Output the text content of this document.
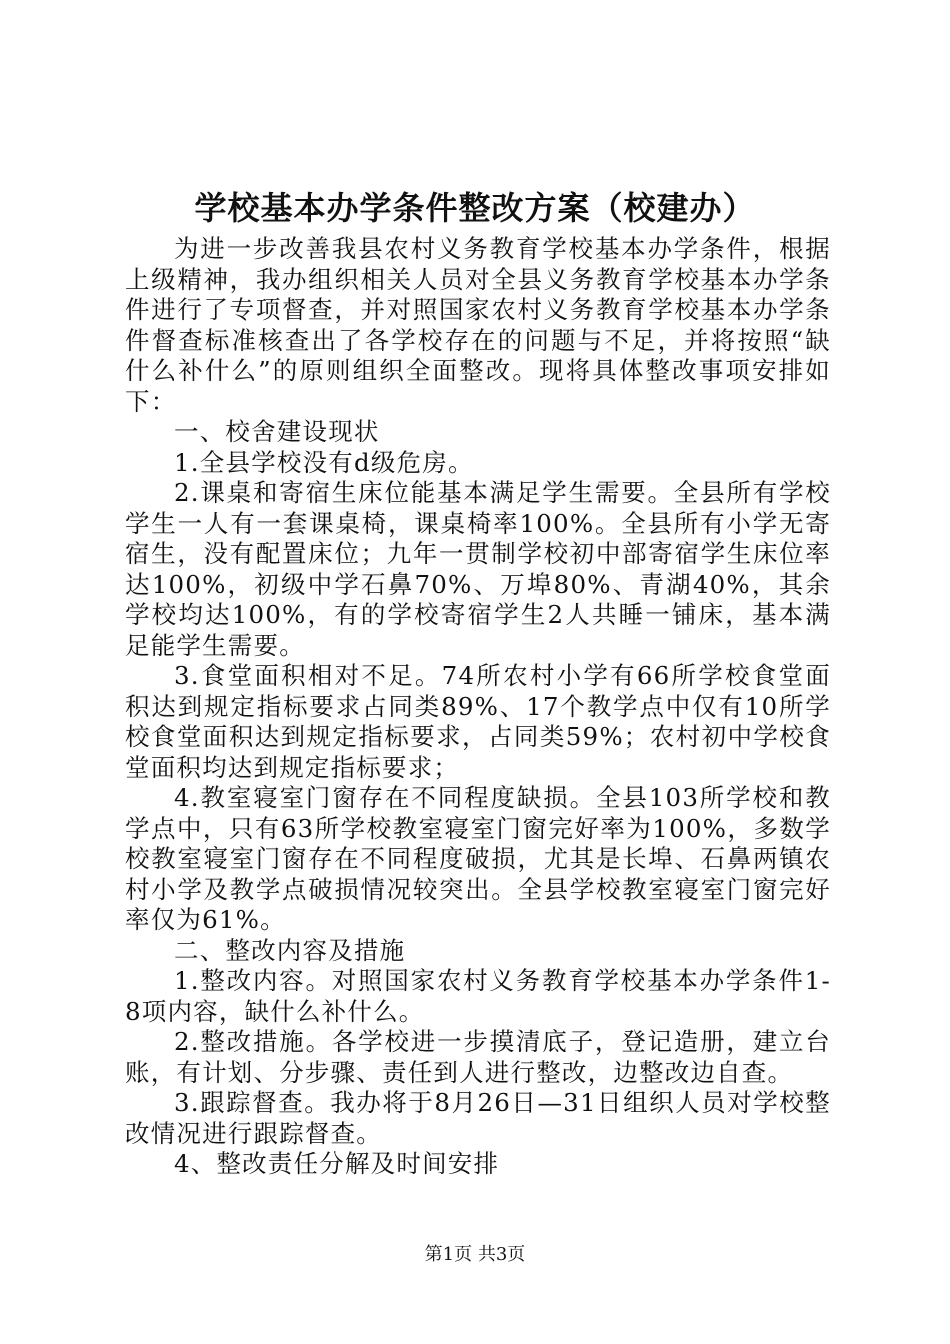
学校基本办学条件整改方案（校建办）

为进一步改善我县农村义务教育学校基本办学条件，根据上级精神，我办组织相关人员对全县义务教育学校基本办学条件进行了专项督查，并对照国家农村义务教育学校基本办学条件督查标准核查出了各学校存在的问题与不足，并将按照“缺什么补什么”的原则组织全面整改。现将具体整改事项安排如下：

一、校舍建设现状

1.全县学校没有d级危房。

2.课桌和寄宿生床位能基本满足学生需要。全县所有学校学生一人有一套课桌椅，课桌椅率100%。全县所有小学无寄宿生，没有配置床位；九年一贯制学校初中部寄宿学生床位率达100%，初级中学石鼻70%、万埠80%、青湖40%，其余学校均达100%，有的学校寄宿学生2人共睡一铺床，基本满足能学生需要。

3.食堂面积相对不足。74所农村小学有66所学校食堂面积达到规定指标要求占同类89%、17个教学点中仅有10所学校食堂面积达到规定指标要求，占同类59%；农村初中学校食堂面积均达到规定指标要求；

4.教室寝室门窗存在不同程度缺损。全县103所学校和教学点中，只有63所学校教室寝室门窗完好率为100%，多数学校教室寝室门窗存在不同程度破损，尤其是长埠、石鼻两镇农村小学及教学点破损情况较突出。全县学校教室寝室门窗完好率仅为61%。

二、整改内容及措施

1.整改内容。对照国家农村义务教育学校基本办学条件1-8项内容，缺什么补什么。

2.整改措施。各学校进一步摸清底子，登记造册，建立台账，有计划、分步骤、责任到人进行整改，边整改边自查。

3.跟踪督查。我办将于8月26日—31日组织人员对学校整改情况进行跟踪督查。

4、整改责任分解及时间安排

第1页 共3页
